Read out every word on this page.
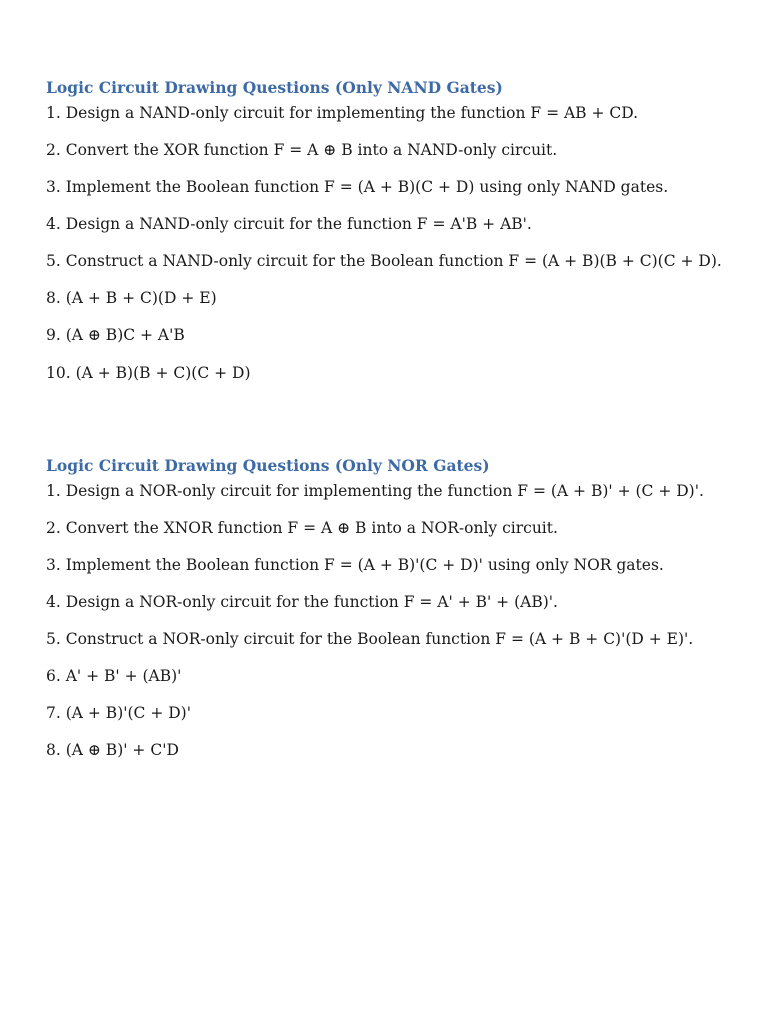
Logic Circuit Drawing Questions (Only NAND Gates)
1. Design a NAND-only circuit for implementing the function F = AB + CD.
2. Convert the XOR function F = A ⊕ B into a NAND-only circuit.
3. Implement the Boolean function F = (A + B)(C + D) using only NAND gates.
4. Design a NAND-only circuit for the function F = A'B + AB'.
5. Construct a NAND-only circuit for the Boolean function F = (A + B)(B + C)(C + D).
8. (A + B + C)(D + E)
9. (A ⊕ B)C + A'B
10. (A + B)(B + C)(C + D)
Logic Circuit Drawing Questions (Only NOR Gates)
1. Design a NOR-only circuit for implementing the function F = (A + B)' + (C + D)'.
2. Convert the XNOR function F = A ⊕ B into a NOR-only circuit.
3. Implement the Boolean function F = (A + B)'(C + D)' using only NOR gates.
4. Design a NOR-only circuit for the function F = A' + B' + (AB)'.
5. Construct a NOR-only circuit for the Boolean function F = (A + B + C)'(D + E)'.
6. A' + B' + (AB)'
7. (A + B)'(C + D)'
8. (A ⊕ B)' + C'D
